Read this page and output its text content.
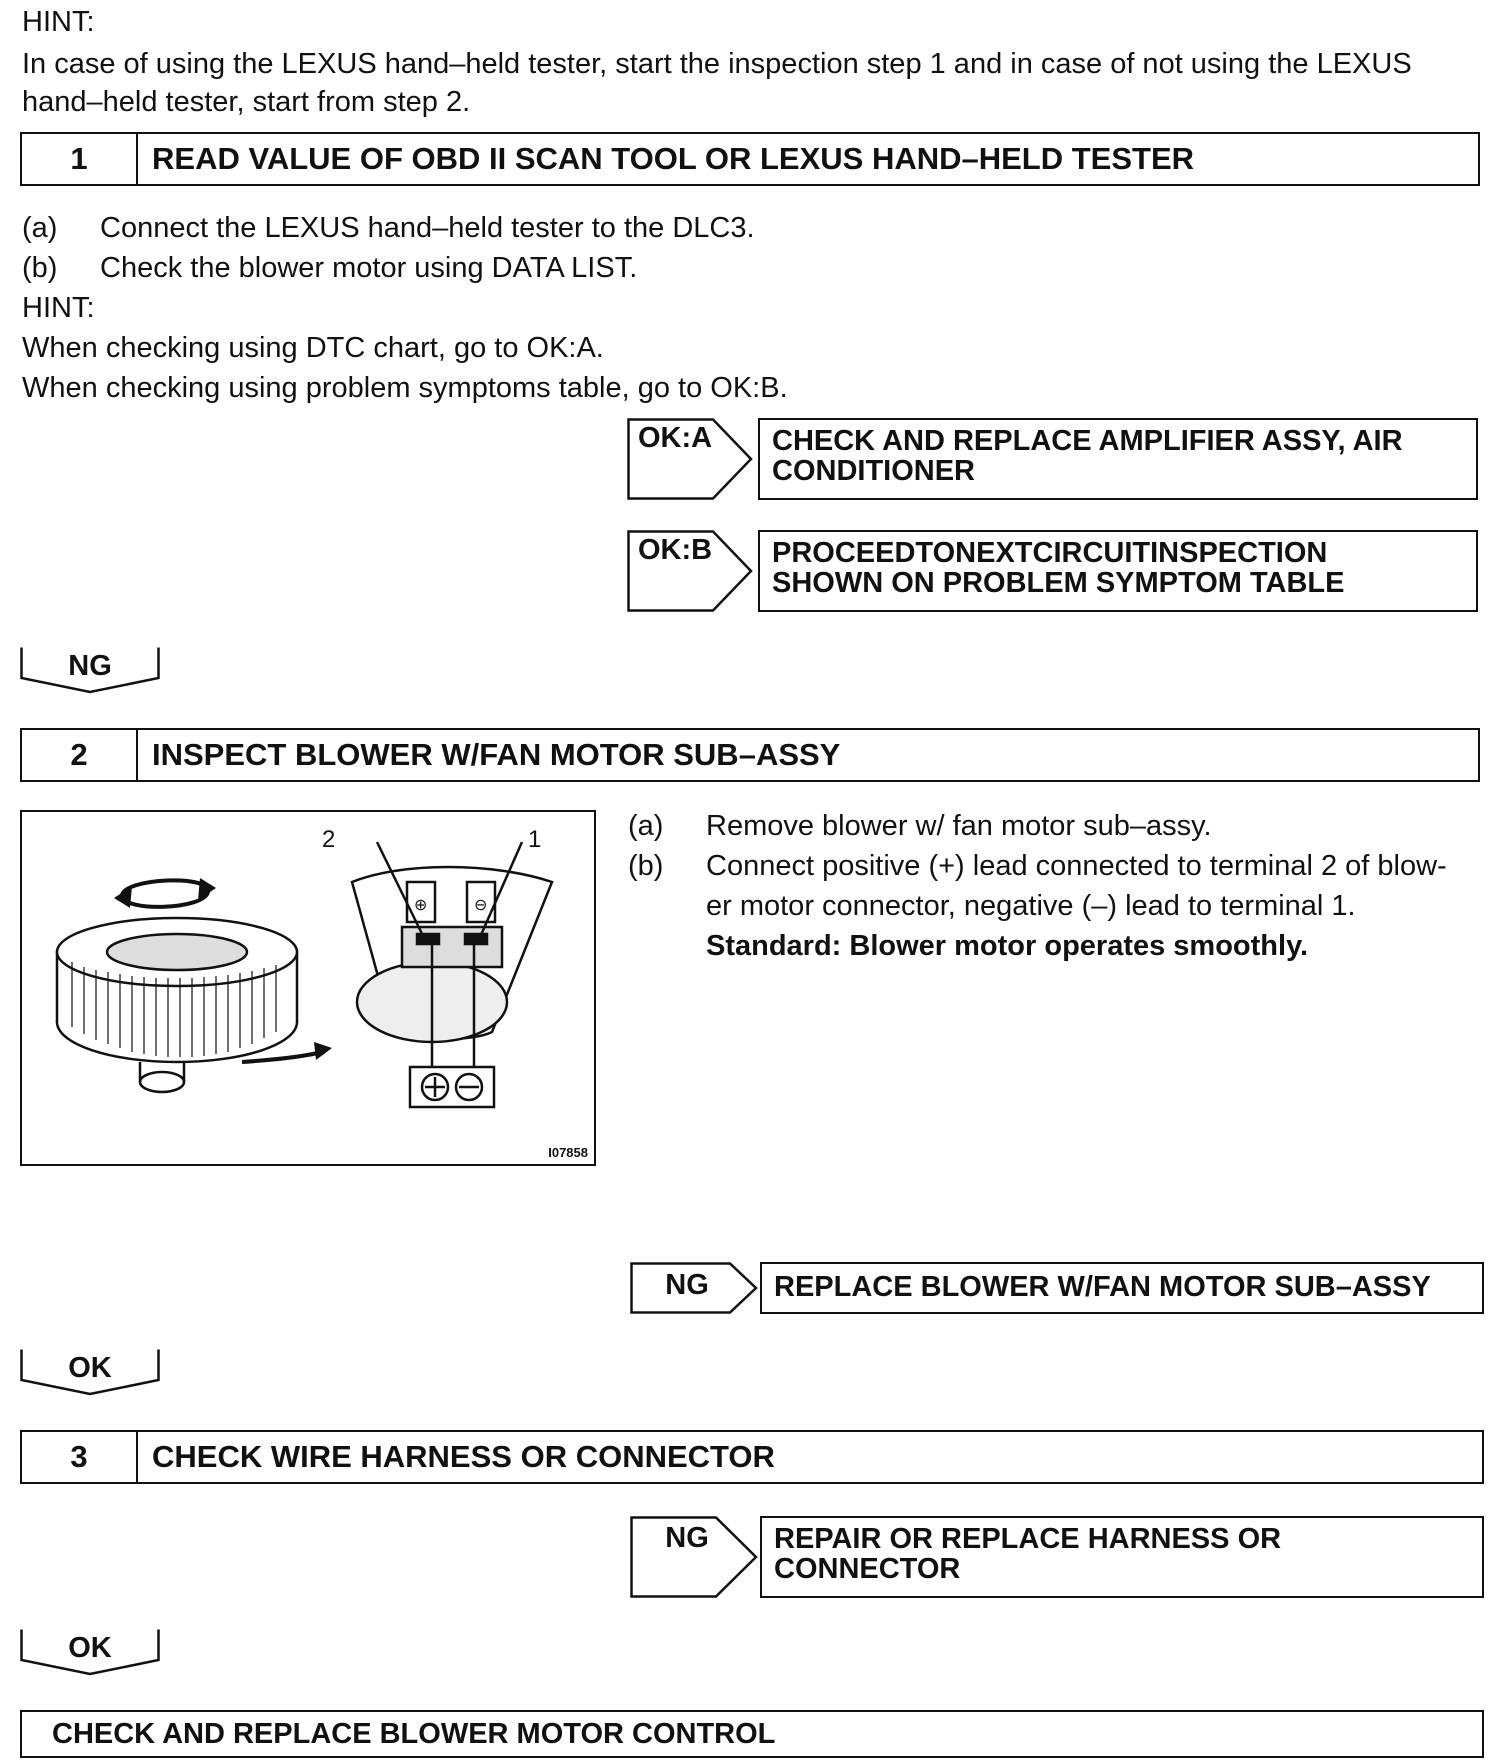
HINT:
In case of using the LEXUS hand–held tester, start the inspection step 1 and in case of not using the LEXUS
hand–held tester, start from step 2.
1	READ VALUE OF OBD II SCAN TOOL OR LEXUS HAND–HELD TESTER
(a) Connect the LEXUS hand–held tester to the DLC3.
(b) Check the blower motor using DATA LIST.
HINT:
When checking using DTC chart, go to OK:A.
When checking using problem symptoms table, go to OK:B.
OK:A CHECK AND REPLACE AMPLIFIER ASSY, AIR
CONDITIONER
OK:B PROCEEDTONEXTCIRCUITINSPECTION
SHOWN ON PROBLEM SYMPTOM TABLE
NG
2	INSPECT BLOWER W/FAN MOTOR SUB–ASSY
⊕	⊖
2	1
I07858
(a) Remove blower w/ fan motor sub–assy.
(b) Connect positive (+) lead connected to terminal 2 of blow-
er motor connector, negative (–) lead to terminal 1.
Standard: Blower motor operates smoothly.
NG	REPLACE BLOWER W/FAN MOTOR SUB–ASSY
OK
3	CHECK WIRE HARNESS OR CONNECTOR
NG	REPAIR OR REPLACE HARNESS OR
CONNECTOR
OK
CHECK AND REPLACE BLOWER MOTOR CONTROL
